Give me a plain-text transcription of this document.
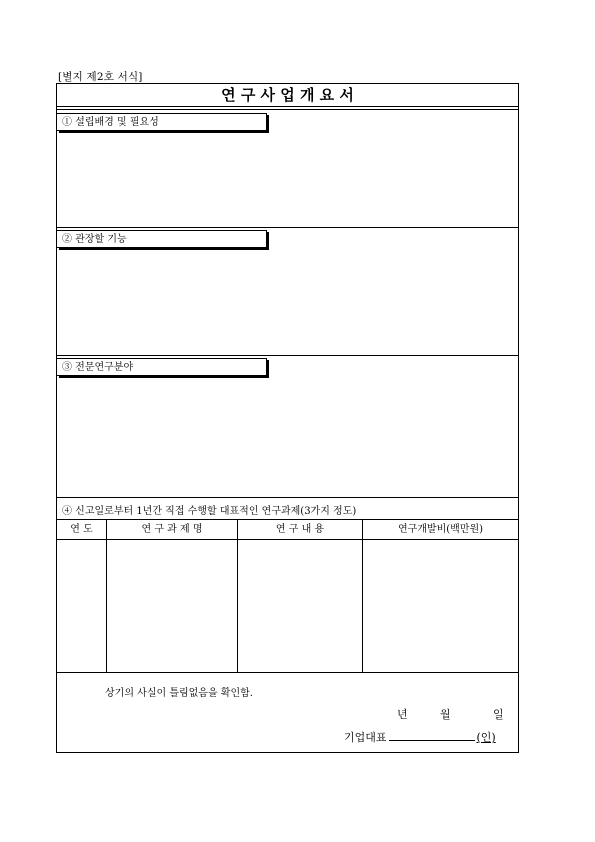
[별지 제2호 서식]
연 구 사 업 개 요 서
① 설립배경 및 필요성
② 관장할 기능
③ 전문연구분야
④ 신고일로부터 1년간 직접 수행할 대표적인 연구과제(3가지 정도)
연 도	연 구 과 제 명	연 구 내 용	연구개발비(백만원)
상기의 사실이 틀림없음을 확인함.
년	월	일
기업대표	(인)
